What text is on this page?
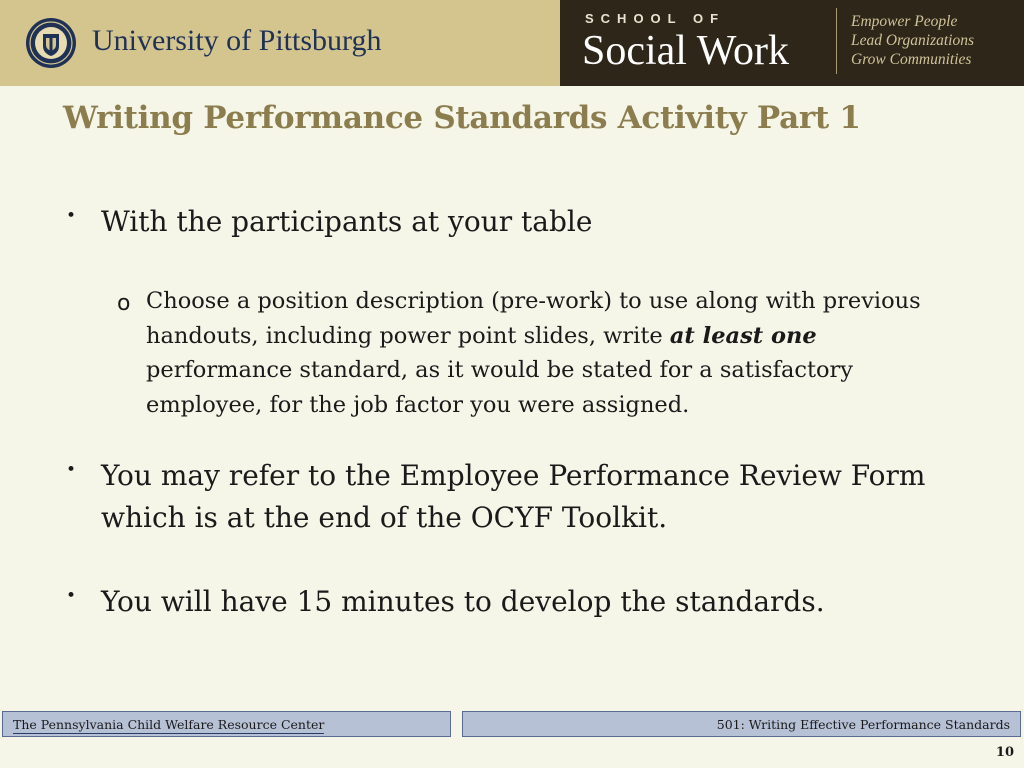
University of Pittsburgh
SCHOOL OF
Social Work
Empower People
Lead Organizations
Grow Communities
Writing Performance Standards Activity Part 1
• With the participants at your table
o Choose a position description (pre-work) to use along with previous handouts, including power point slides, write at least one performance standard, as it would be stated for a satisfactory employee, for the job factor you were assigned.
• You may refer to the Employee Performance Review Form which is at the end of the OCYF Toolkit.
• You will have 15 minutes to develop the standards.
The Pennsylvania Child Welfare Resource Center	501: Writing Effective Performance Standards
10
